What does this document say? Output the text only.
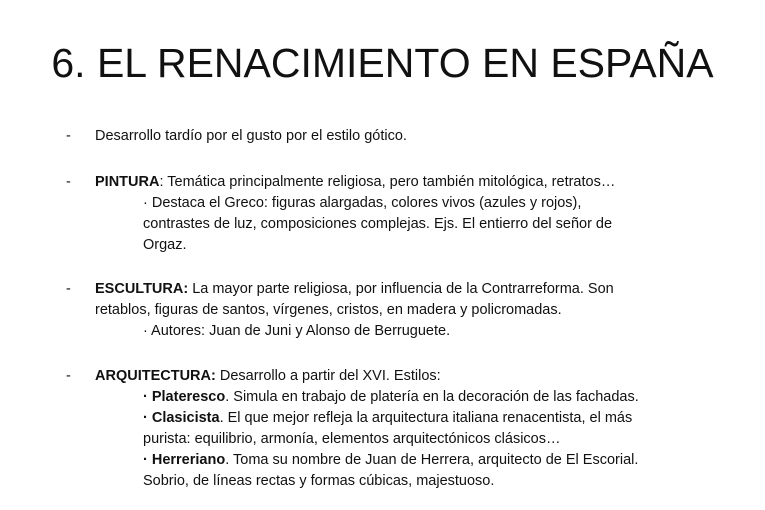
6. EL RENACIMIENTO EN ESPAÑA
-	Desarrollo tardío por el gusto por el estilo gótico.
-	PINTURA: Temática principalmente religiosa, pero también mitológica, retratos…
· Destaca el Greco: figuras alargadas, colores vivos (azules y rojos),
contrastes de luz, composiciones complejas. Ejs. El entierro del señor de
Orgaz.
-	ESCULTURA: La mayor parte religiosa, por influencia de la Contrarreforma. Son
retablos, figuras de santos, vírgenes, cristos, en madera y policromadas.
· Autores: Juan de Juni y Alonso de Berruguete.
-	ARQUITECTURA: Desarrollo a partir del XVI. Estilos:
· Plateresco. Simula en trabajo de platería en la decoración de las fachadas.
· Clasicista. El que mejor refleja la arquitectura italiana renacentista, el más
purista: equilibrio, armonía, elementos arquitectónicos clásicos…
· Herreriano. Toma su nombre de Juan de Herrera, arquitecto de El Escorial.
Sobrio, de líneas rectas y formas cúbicas, majestuoso.
